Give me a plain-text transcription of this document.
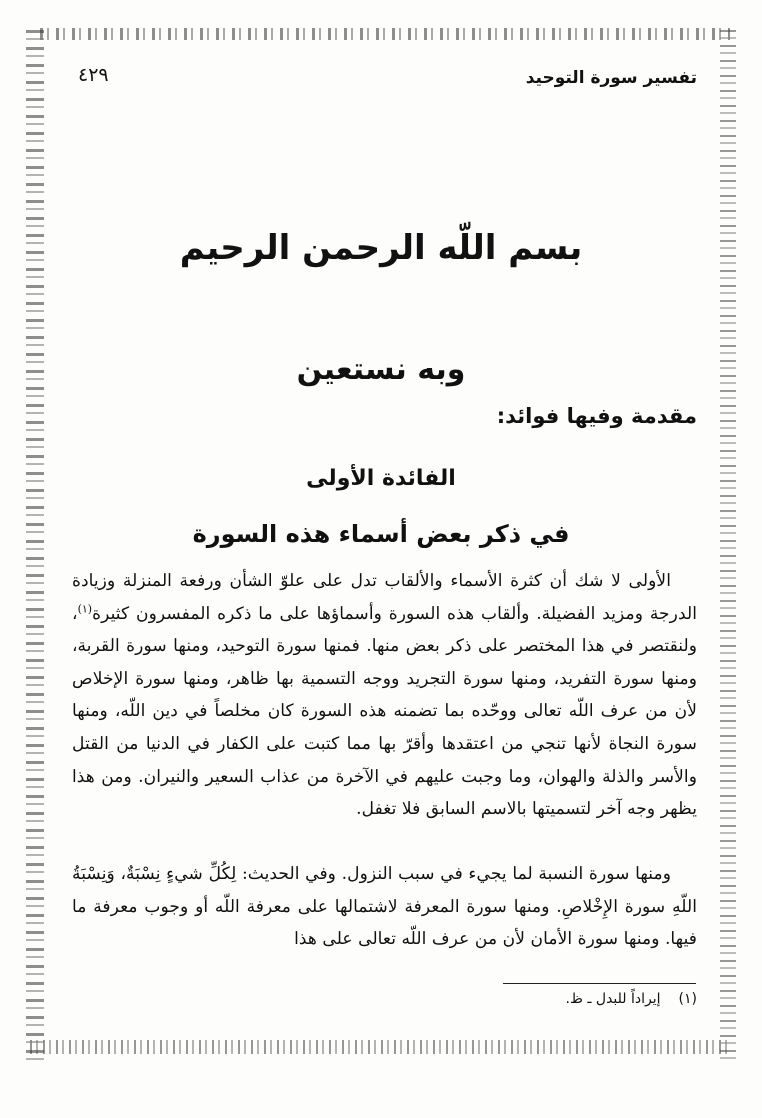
تفسير سورة التوحيد
٤٢٩
بسم اللّه الرحمن الرحيم
وبه نستعين
مقدمة وفيها فوائد:
الفائدة الأولى
في ذكر بعض أسماء هذه السورة

الأولى لا شك أن كثرة الأسماء والألقاب تدل على علوّ الشأن ورفعة المنزلة وزيادة الدرجة ومزيد الفضيلة. وألقاب هذه السورة وأسماؤها على ما ذكره المفسرون كثيرة$^{(١)}$، ولنقتصر في هذا المختصر على ذكر بعض منها. فمنها سورة التوحيد، ومنها سورة القربة، ومنها سورة التفريد، ومنها سورة التجريد ووجه التسمية بها ظاهر، ومنها سورة الإخلاص لأن من عرف اللّه تعالى ووحّده بما تضمنه هذه السورة كان مخلصاً في دين اللّه، ومنها سورة النجاة لأنها تنجي من اعتقدها وأقرّ بها مما كتبت على الكفار في الدنيا من القتل والأسر والذلة والهوان، وما وجبت عليهم في الآخرة من عذاب السعير والنيران. ومن هذا يظهر وجه آخر لتسميتها بالاسم السابق فلا تغفل.

ومنها سورة النسبة لما يجيء في سبب النزول. وفي الحديث: لِكُلِّ شيءٍ نِسْبَةٌ، وَنِسْبَةُ اللّهِ سورة الإِخْلاصِ. ومنها سورة المعرفة لاشتمالها على معرفة اللّه أو وجوب معرفة ما فيها. ومنها سورة الأمان لأن من عرف اللّه تعالى على هذا

(١)إيراداً للبدل ـ ظ.
